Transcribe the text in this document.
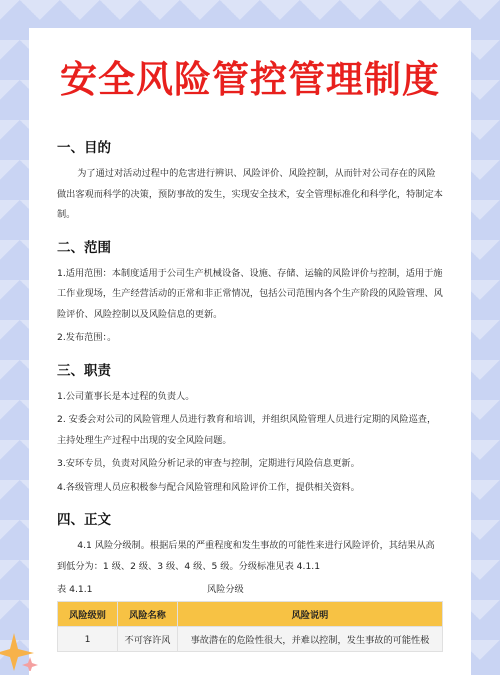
安全风险管控管理制度
一、目的

为了通过对活动过程中的危害进行辨识、风险评价、风险控制，从而针对公司存在的风险做出客观而科学的决策，预防事故的发生，实现安全技术，安全管理标准化和科学化，特制定本制。

二、范围

1.适用范围：本制度适用于公司生产机械设备、设施、存储、运输的风险评价与控制，适用于施工作业现场，生产经营活动的正常和非正常情况，包括公司范围内各个生产阶段的风险管理、风险评价、风险控制以及风险信息的更新。

2.发布范围：。

三、职责

1.公司董事长是本过程的负责人。

2. 安委会对公司的风险管理人员进行教育和培训，并组织风险管理人员进行定期的风险巡查，主持处理生产过程中出现的安全风险问题。

3.安环专员，负责对风险分析记录的审查与控制，定期进行风险信息更新。

4.各级管理人员应积极参与配合风险管理和风险评价工作，提供相关资料。

四、正文

4.1 风险分级制。根据后果的严重程度和发生事故的可能性来进行风险评价，其结果从高到低分为：1 级、2 级、3 级、4 级、5 级。分级标准见表 4.1.1

表 4.1.1	风险分级
风险级别	风险名称	风险说明
1	不可容许风	事故潜在的危险性很大，并难以控制，发生事故的可能性极
